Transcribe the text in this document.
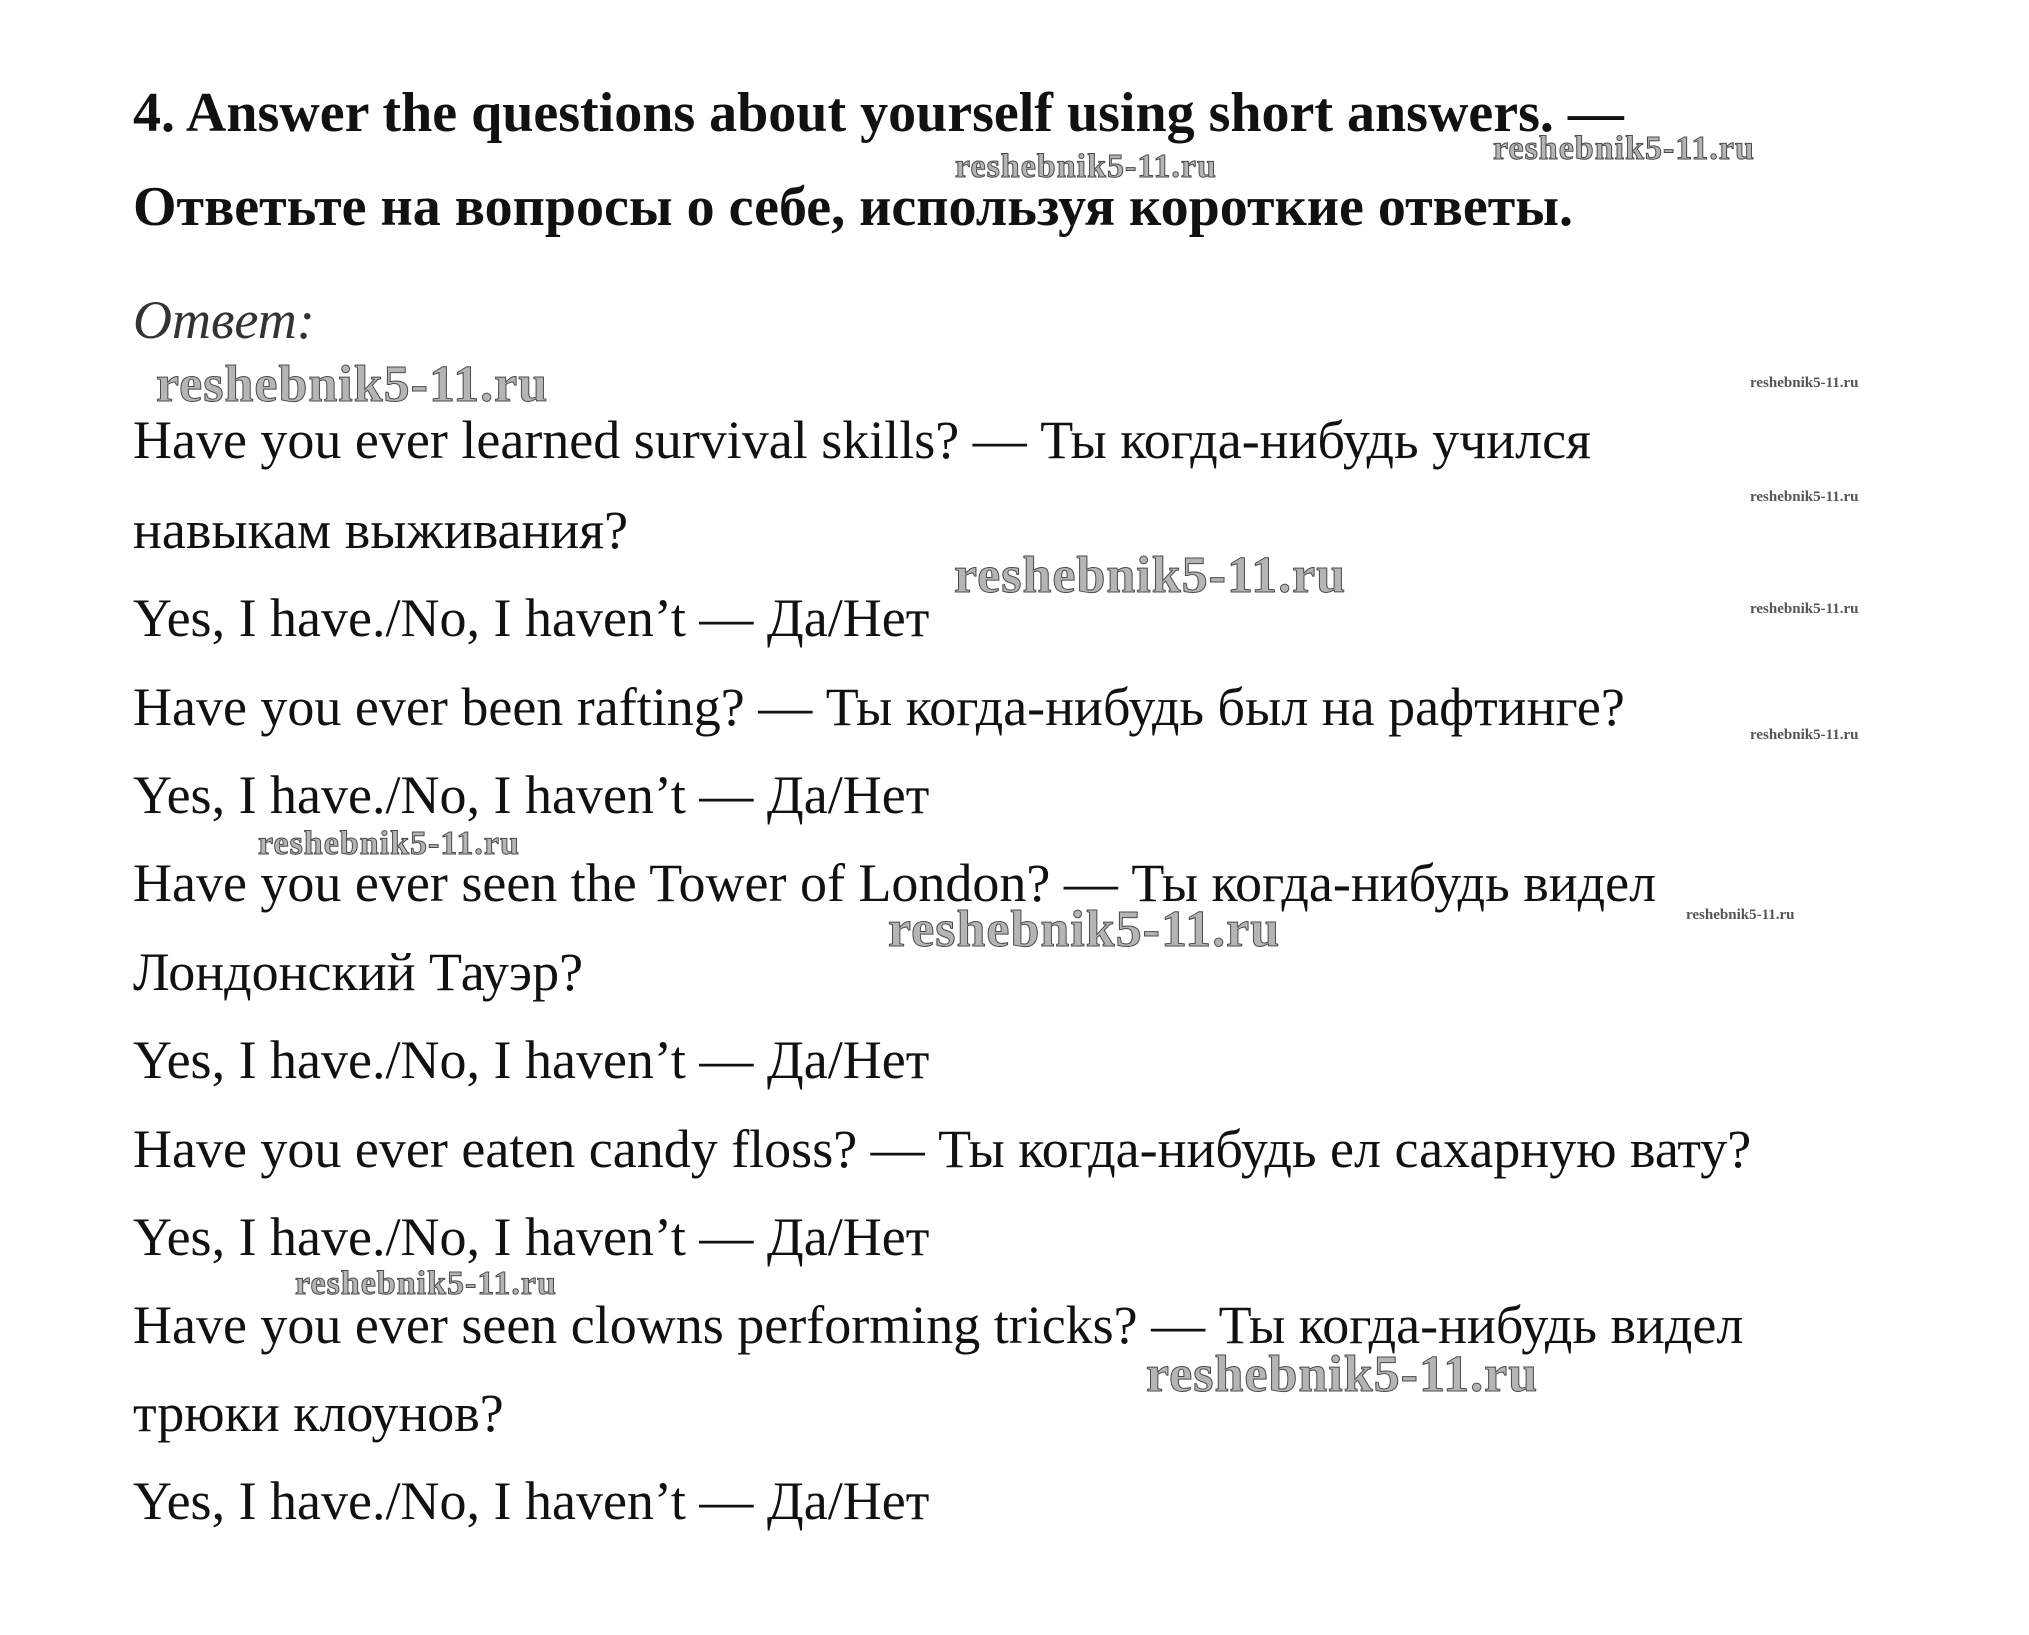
4. Answer the questions about yourself using short answers. —
Ответьте на вопросы о себе, используя короткие ответы.

Ответ:

Have you ever learned survival skills? — Ты когда-нибудь учился

навыкам выживания?

Yes, I have./No, I haven’t — Да/Нет

Have you ever been rafting? — Ты когда-нибудь был на рафтинге?

Yes, I have./No, I haven’t — Да/Нет

Have you ever seen the Tower of London? — Ты когда-нибудь видел

Лондонский Тауэр?

Yes, I have./No, I haven’t — Да/Нет

Have you ever eaten candy floss? — Ты когда-нибудь ел сахарную вату?

Yes, I have./No, I haven’t — Да/Нет

Have you ever seen clowns performing tricks? — Ты когда-нибудь видел

трюки клоунов?

Yes, I have./No, I haven’t — Да/Нет

reshebnik5-11.ru	reshebnik5-11.ru
reshebnik5-11.ru	reshebnik5-11.ru
reshebnik5-11.ru
reshebnik5-11.ru
reshebnik5-11.ru
reshebnik5-11.ru
reshebnik5-11.ru
reshebnik5-11.ru	reshebnik5-11.ru
reshebnik5-11.ru
reshebnik5-11.ru
